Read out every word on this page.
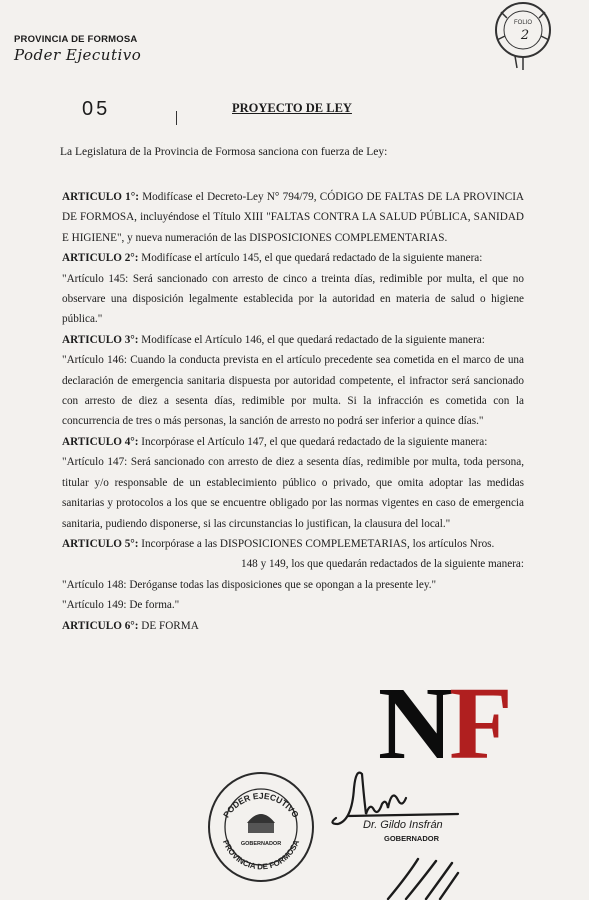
PROVINCIA DE FORMOSA
Poder Ejecutivo
FOLIO
2
05	PROYECTO DE LEY
La Legislatura de la Provincia de Formosa sanciona con fuerza de Ley:

ARTICULO 1°: Modifícase el Decreto-Ley N° 794/79, CÓDIGO DE FALTAS DE LA PROVINCIA DE FORMOSA, incluyéndose el Título XIII "FALTAS CONTRA LA SALUD PÚBLICA, SANIDAD E HIGIENE", y nueva numeración de las DISPOSICIONES COMPLEMENTARIAS.

ARTICULO 2°: Modifícase el artículo 145, el que quedará redactado de la siguiente manera:

"Artículo 145: Será sancionado con arresto de cinco a treinta días, redimible por multa, el que no observare una disposición legalmente establecida por la autoridad en materia de salud o higiene pública."

ARTICULO 3°: Modifícase el Artículo 146, el que quedará redactado de la siguiente manera:

"Artículo 146: Cuando la conducta prevista en el artículo precedente sea cometida en el marco de una declaración de emergencia sanitaria dispuesta por autoridad competente, el infractor será sancionado con arresto de diez a sesenta días, redimible por multa. Si la infracción es cometida con la concurrencia de tres o más personas, la sanción de arresto no podrá ser inferior a quince días."

ARTICULO 4°: Incorpórase el Artículo 147, el que quedará redactado de la siguiente manera:

"Artículo 147: Será sancionado con arresto de diez a sesenta días, redimible por multa, toda persona, titular y/o responsable de un establecimiento público o privado, que omita adoptar las medidas sanitarias y protocolos a los que se encuentre obligado por las normas vigentes en caso de emergencia sanitaria, pudiendo disponerse, si las circunstancias lo justifican, la clausura del local."

ARTICULO 5°: Incorpórase a las DISPOSICIONES COMPLEMETARIAS, los artículos Nros.

148 y 149, los que quedarán redactados de la siguiente manera:

"Artículo 148: Deróganse todas las disposiciones que se opongan a la presente ley."

"Artículo 149: De forma."

ARTICULO 6°: DE FORMA

NF
PODER EJECUTIVO
PROVINCIA DE FORMOSA
GOBERNADOR
Dr. Gildo Insfrán
GOBERNADOR
